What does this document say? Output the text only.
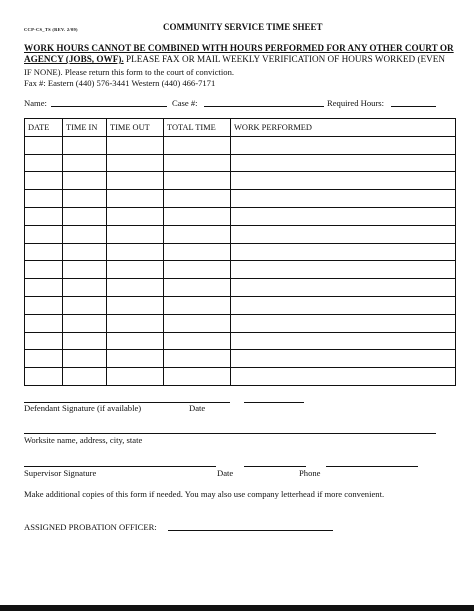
CCP-CS_TS (REV. 2/09)	COMMUNITY SERVICE TIME SHEET
WORK HOURS CANNOT BE COMBINED WITH HOURS PERFORMED FOR ANY OTHER COURT OR
AGENCY (JOBS, OWF). PLEASE FAX OR MAIL WEEKLY VERIFICATION OF HOURS WORKED (EVEN
IF NONE). Please return this form to the court of conviction.
Fax #: Eastern (440) 576-3441 Western (440) 466-7171
Name:	Case #:	Required Hours:
DATE	TIME IN	TIME OUT	TOTAL TIME	WORK PERFORMED

Defendant Signature (if available)	Date
Worksite name, address, city, state
Supervisor Signature	Date	Phone
Make additional copies of this form if needed. You may also use company letterhead if more convenient.
ASSIGNED PROBATION OFFICER:
